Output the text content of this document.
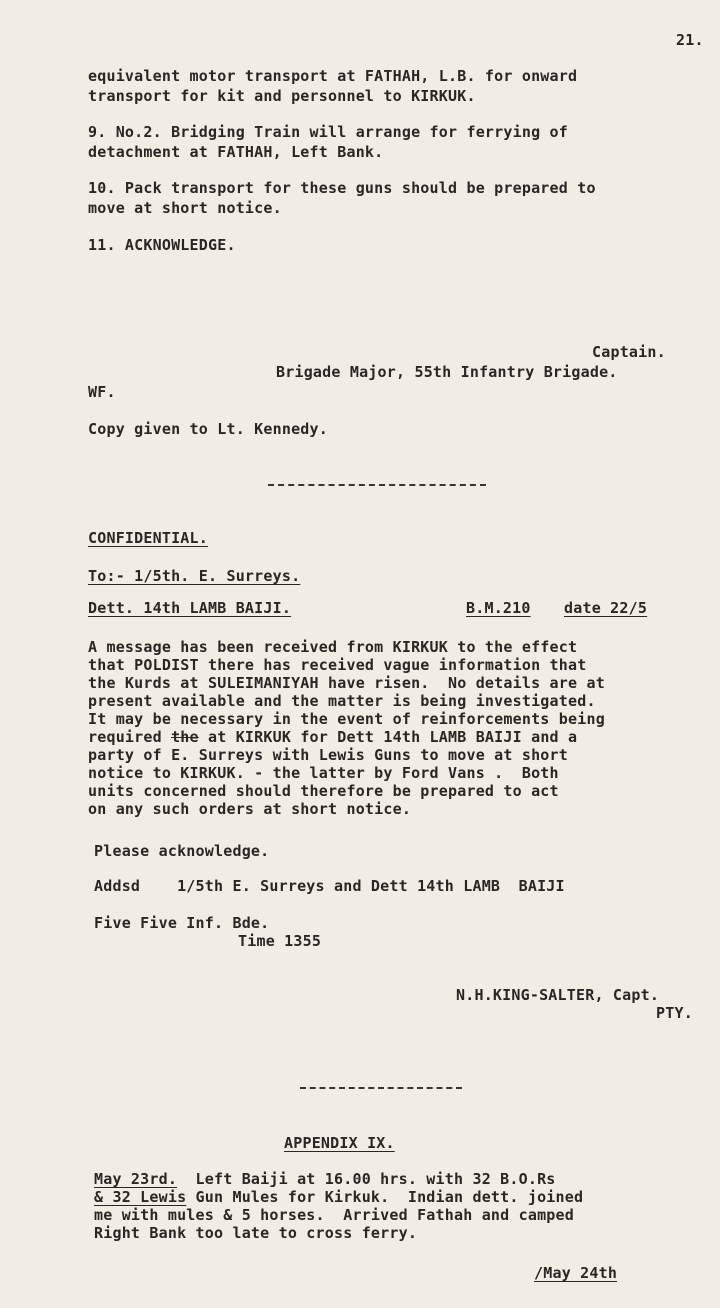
21.
equivalent motor transport at FATHAH, L.B. for onward
transport for kit and personnel to KIRKUK.
9. No.2. Bridging Train will arrange for ferrying of
detachment at FATHAH, Left Bank.
10. Pack transport for these guns should be prepared to
move at short notice.
11. ACKNOWLEDGE.
Captain.
Brigade Major, 55th Infantry Brigade.
WF.
Copy given to Lt. Kennedy.
CONFIDENTIAL.
To:- 1/5th. E. Surreys.
Dett. 14th LAMB BAIJI.	B.M.210 date 22/5
A message has been received from KIRKUK to the effect
that POLDIST there has received vague information that
the Kurds at SULEIMANIYAH have risen.  No details are at
present available and the matter is being investigated.
It may be necessary in the event of reinforcements being
required the at KIRKUK for Dett 14th LAMB BAIJI and a
party of E. Surreys with Lewis Guns to move at short
notice to KIRKUK. - the latter by Ford Vans .  Both
units concerned should therefore be prepared to act
on any such orders at short notice.
Please acknowledge.
Addsd    1/5th E. Surreys and Dett 14th LAMB  BAIJI
Five Five Inf. Bde.
Time 1355
N.H.KING-SALTER, Capt.
PTY.
APPENDIX IX.
May 23rd.  Left Baiji at 16.00 hrs. with 32 B.O.Rs
& 32 Lewis Gun Mules for Kirkuk.  Indian dett. joined
me with mules & 5 horses.  Arrived Fathah and camped
Right Bank too late to cross ferry.
/May 24th
